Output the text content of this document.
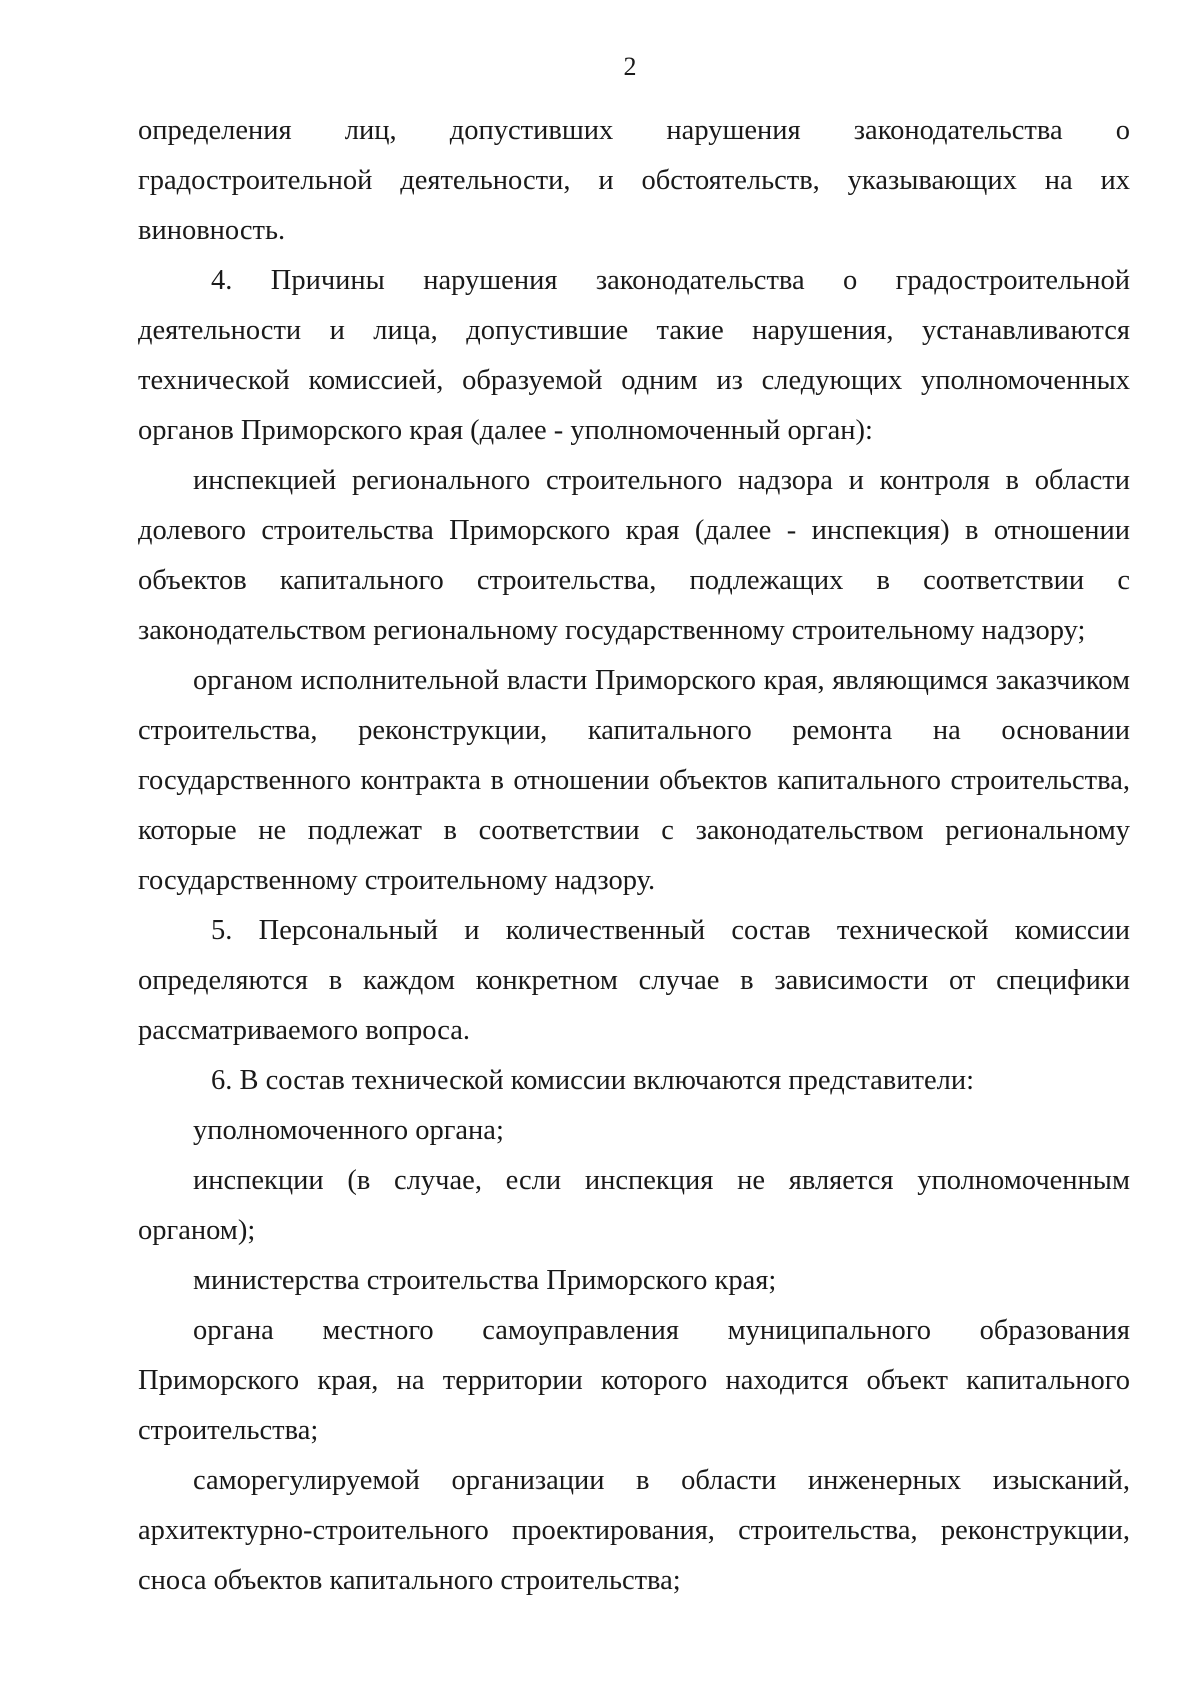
2

определения лиц, допустивших нарушения законодательства о градостроительной деятельности, и обстоятельств, указывающих на их виновность.

4. Причины нарушения законодательства о градостроительной деятельности и лица, допустившие такие нарушения, устанавливаются технической комиссией, образуемой одним из следующих уполномоченных органов Приморского края (далее - уполномоченный орган):

инспекцией регионального строительного надзора и контроля в области долевого строительства Приморского края (далее - инспекция) в отношении объектов капитального строительства, подлежащих в соответствии с законодательством региональному государственному строительному надзору;

органом исполнительной власти Приморского края, являющимся заказчиком строительства, реконструкции, капитального ремонта на основании государственного контракта в отношении объектов капитального строительства, которые не подлежат в соответствии с законодательством региональному государственному строительному надзору.

5. Персональный и количественный состав технической комиссии определяются в каждом конкретном случае в зависимости от специфики рассматриваемого вопроса.

6. В состав технической комиссии включаются представители:

уполномоченного органа;

инспекции (в случае, если инспекция не является уполномоченным органом);

министерства строительства Приморского края;

органа местного самоуправления муниципального образования Приморского края, на территории которого находится объект капитального строительства;

саморегулируемой организации в области инженерных изысканий, архитектурно-строительного проектирования, строительства, реконструкции, сноса объектов капитального строительства;
